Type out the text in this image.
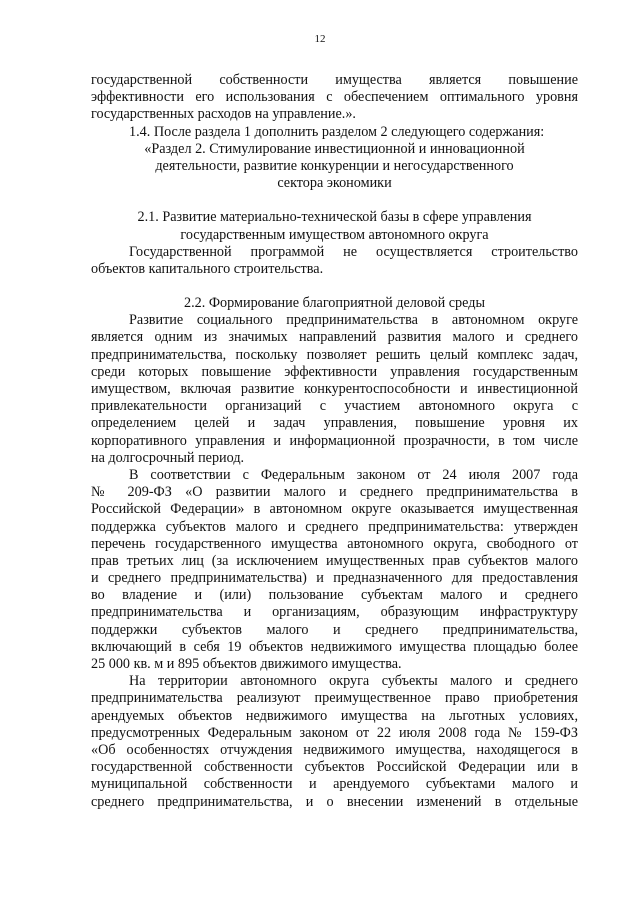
12
государственной собственности имущества является повышение
эффективности его использования с обеспечением оптимального уровня
государственных расходов на управление.».
1.4. После раздела 1 дополнить разделом 2 следующего содержания:
«Раздел 2. Стимулирование инвестиционной и инновационной
деятельности, развитие конкуренции и негосударственного
сектора экономики
2.1. Развитие материально-технической базы в сфере управления
государственным имуществом автономного округа
Государственной программой не осуществляется строительство
объектов капитального строительства.
2.2. Формирование благоприятной деловой среды
Развитие социального предпринимательства в автономном округе
является одним из значимых направлений развития малого и среднего
предпринимательства, поскольку позволяет решить целый комплекс задач,
среди которых повышение эффективности управления государственным
имуществом, включая развитие конкурентоспособности и инвестиционной
привлекательности организаций с участием автономного округа с
определением целей и задач управления, повышение уровня их
корпоративного управления и информационной прозрачности, в том числе
на долгосрочный период.
В соответствии с Федеральным законом от 24 июля 2007 года
№ 209-ФЗ «О развитии малого и среднего предпринимательства в
Российской Федерации» в автономном округе оказывается имущественная
поддержка субъектов малого и среднего предпринимательства: утвержден
перечень государственного имущества автономного округа, свободного от
прав третьих лиц (за исключением имущественных прав субъектов малого
и среднего предпринимательства) и предназначенного для предоставления
во владение и (или) пользование субъектам малого и среднего
предпринимательства и организациям, образующим инфраструктуру
поддержки субъектов малого и среднего предпринимательства,
включающий в себя 19 объектов недвижимого имущества площадью более
25 000 кв. м и 895 объектов движимого имущества.
На территории автономного округа субъекты малого и среднего
предпринимательства реализуют преимущественное право приобретения
арендуемых объектов недвижимого имущества на льготных условиях,
предусмотренных Федеральным законом от 22 июля 2008 года № 159-ФЗ
«Об особенностях отчуждения недвижимого имущества, находящегося в
государственной собственности субъектов Российской Федерации или в
муниципальной собственности и арендуемого субъектами малого и
среднего предпринимательства, и о внесении изменений в отдельные
